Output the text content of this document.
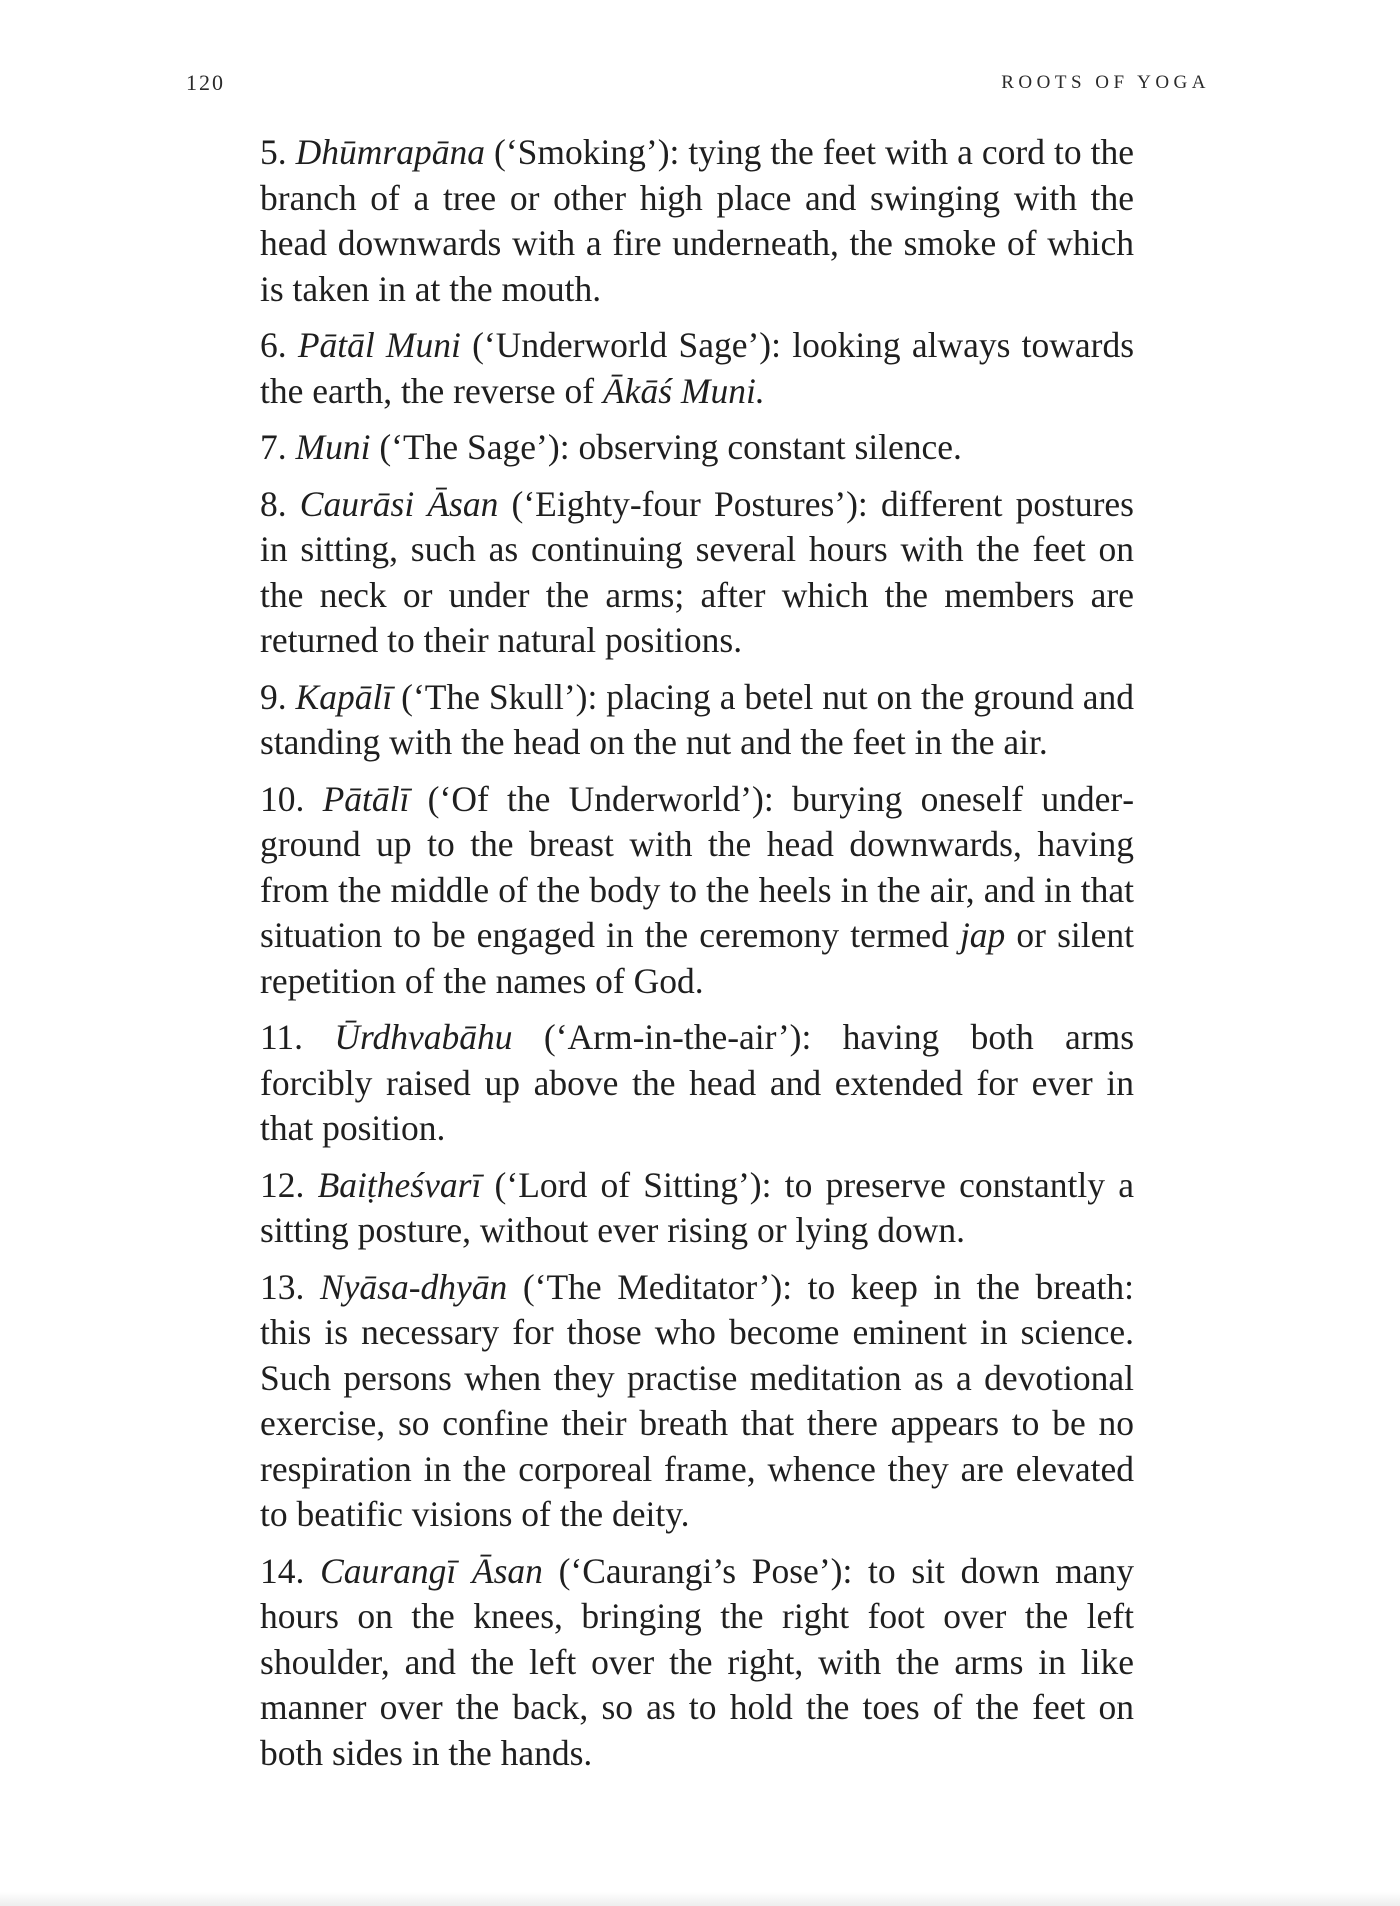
120	ROOTS OF YOGA

5. Dhūmrapāna (‘Smoking’): tying the feet with a cord to the branch of a tree or other high place and swinging with the head downwards with a fire underneath, the smoke of which is taken in at the mouth.

6. Pātāl Muni (‘Underworld Sage’): looking always towards the earth, the reverse of Ākāś Muni.

7. Muni (‘The Sage’): observing constant silence.

8. Caurāsi Āsan (‘Eighty-four Postures’): different postures in sitting, such as continuing several hours with the feet on the neck or under the arms; after which the members are returned to their natural positions.

9. Kapālī (‘The Skull’): placing a betel nut on the ground and standing with the head on the nut and the feet in the air.

10. Pātālī (‘Of the Underworld’): burying oneself underground up to the breast with the head downwards, having from the middle of the body to the heels in the air, and in that situation to be engaged in the ceremony termed jap or silent repetition of the names of God.

11. Ūrdhvabāhu (‘Arm-in-the-air’): having both arms forcibly raised up above the head and extended for ever in that position.

12. Baiṭheśvarī (‘Lord of Sitting’): to preserve constantly a sitting posture, without ever rising or lying down.

13. Nyāsa-dhyān (‘The Meditator’): to keep in the breath: this is necessary for those who become eminent in science. Such persons when they practise meditation as a devotional exercise, so confine their breath that there appears to be no respiration in the corporeal frame, whence they are elevated to beatific visions of the deity.

14. Caurangī Āsan (‘Caurangi’s Pose’): to sit down many hours on the knees, bringing the right foot over the left shoulder, and the left over the right, with the arms in like manner over the back, so as to hold the toes of the feet on both sides in the hands.
